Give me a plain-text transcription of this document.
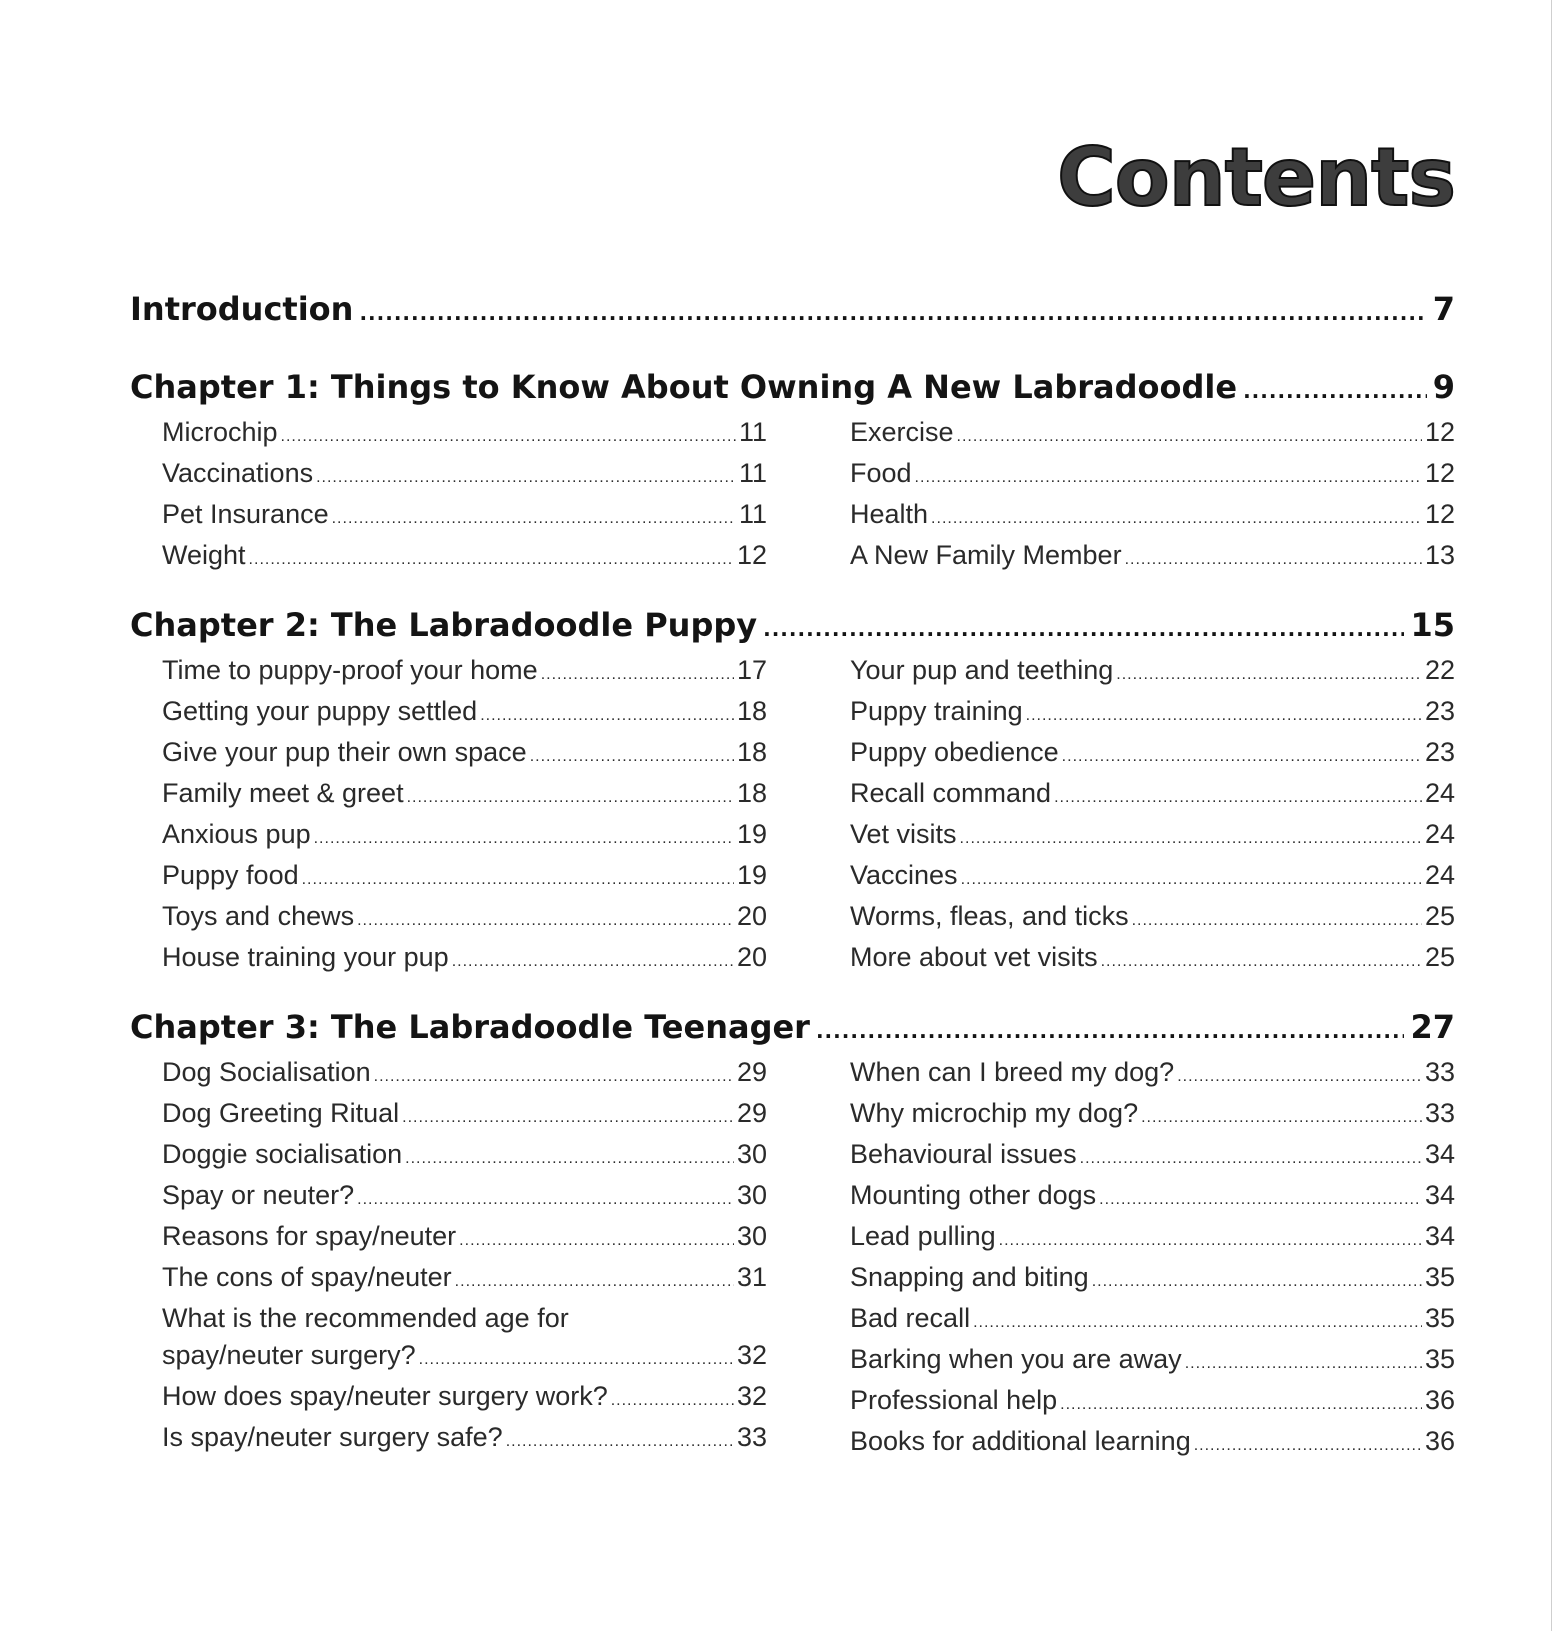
Contents
Introduction .....	7
Chapter 1: Things to Know About Owning A New Labradoodle .....	9
Microchip .....	11
Vaccinations .....	11
Pet Insurance .....	11
Weight .....	12
Exercise .....	12
Food .....	12
Health .....	12
A New Family Member .....	13
Chapter 2: The Labradoodle Puppy .....	15
Time to puppy-proof your home .....	17
Getting your puppy settled .....	18
Give your pup their own space .....	18
Family meet & greet .....	18
Anxious pup .....	19
Puppy food .....	19
Toys and chews .....	20
House training your pup .....	20
Your pup and teething .....	22
Puppy training .....	23
Puppy obedience .....	23
Recall command .....	24
Vet visits .....	24
Vaccines .....	24
Worms, fleas, and ticks .....	25
More about vet visits .....	25
Chapter 3: The Labradoodle Teenager .....	27
Dog Socialisation .....	29
Dog Greeting Ritual .....	29
Doggie socialisation .....	30
Spay or neuter? .....	30
Reasons for spay/neuter .....	30
The cons of spay/neuter .....	31
What is the recommended age for
spay/neuter surgery? .....	32
How does spay/neuter surgery work? .....	32
Is spay/neuter surgery safe? .....	33
When can I breed my dog? .....	33
Why microchip my dog? .....	33
Behavioural issues .....	34
Mounting other dogs .....	34
Lead pulling .....	34
Snapping and biting .....	35
Bad recall .....	35
Barking when you are away .....	35
Professional help .....	36
Books for additional learning .....	36
